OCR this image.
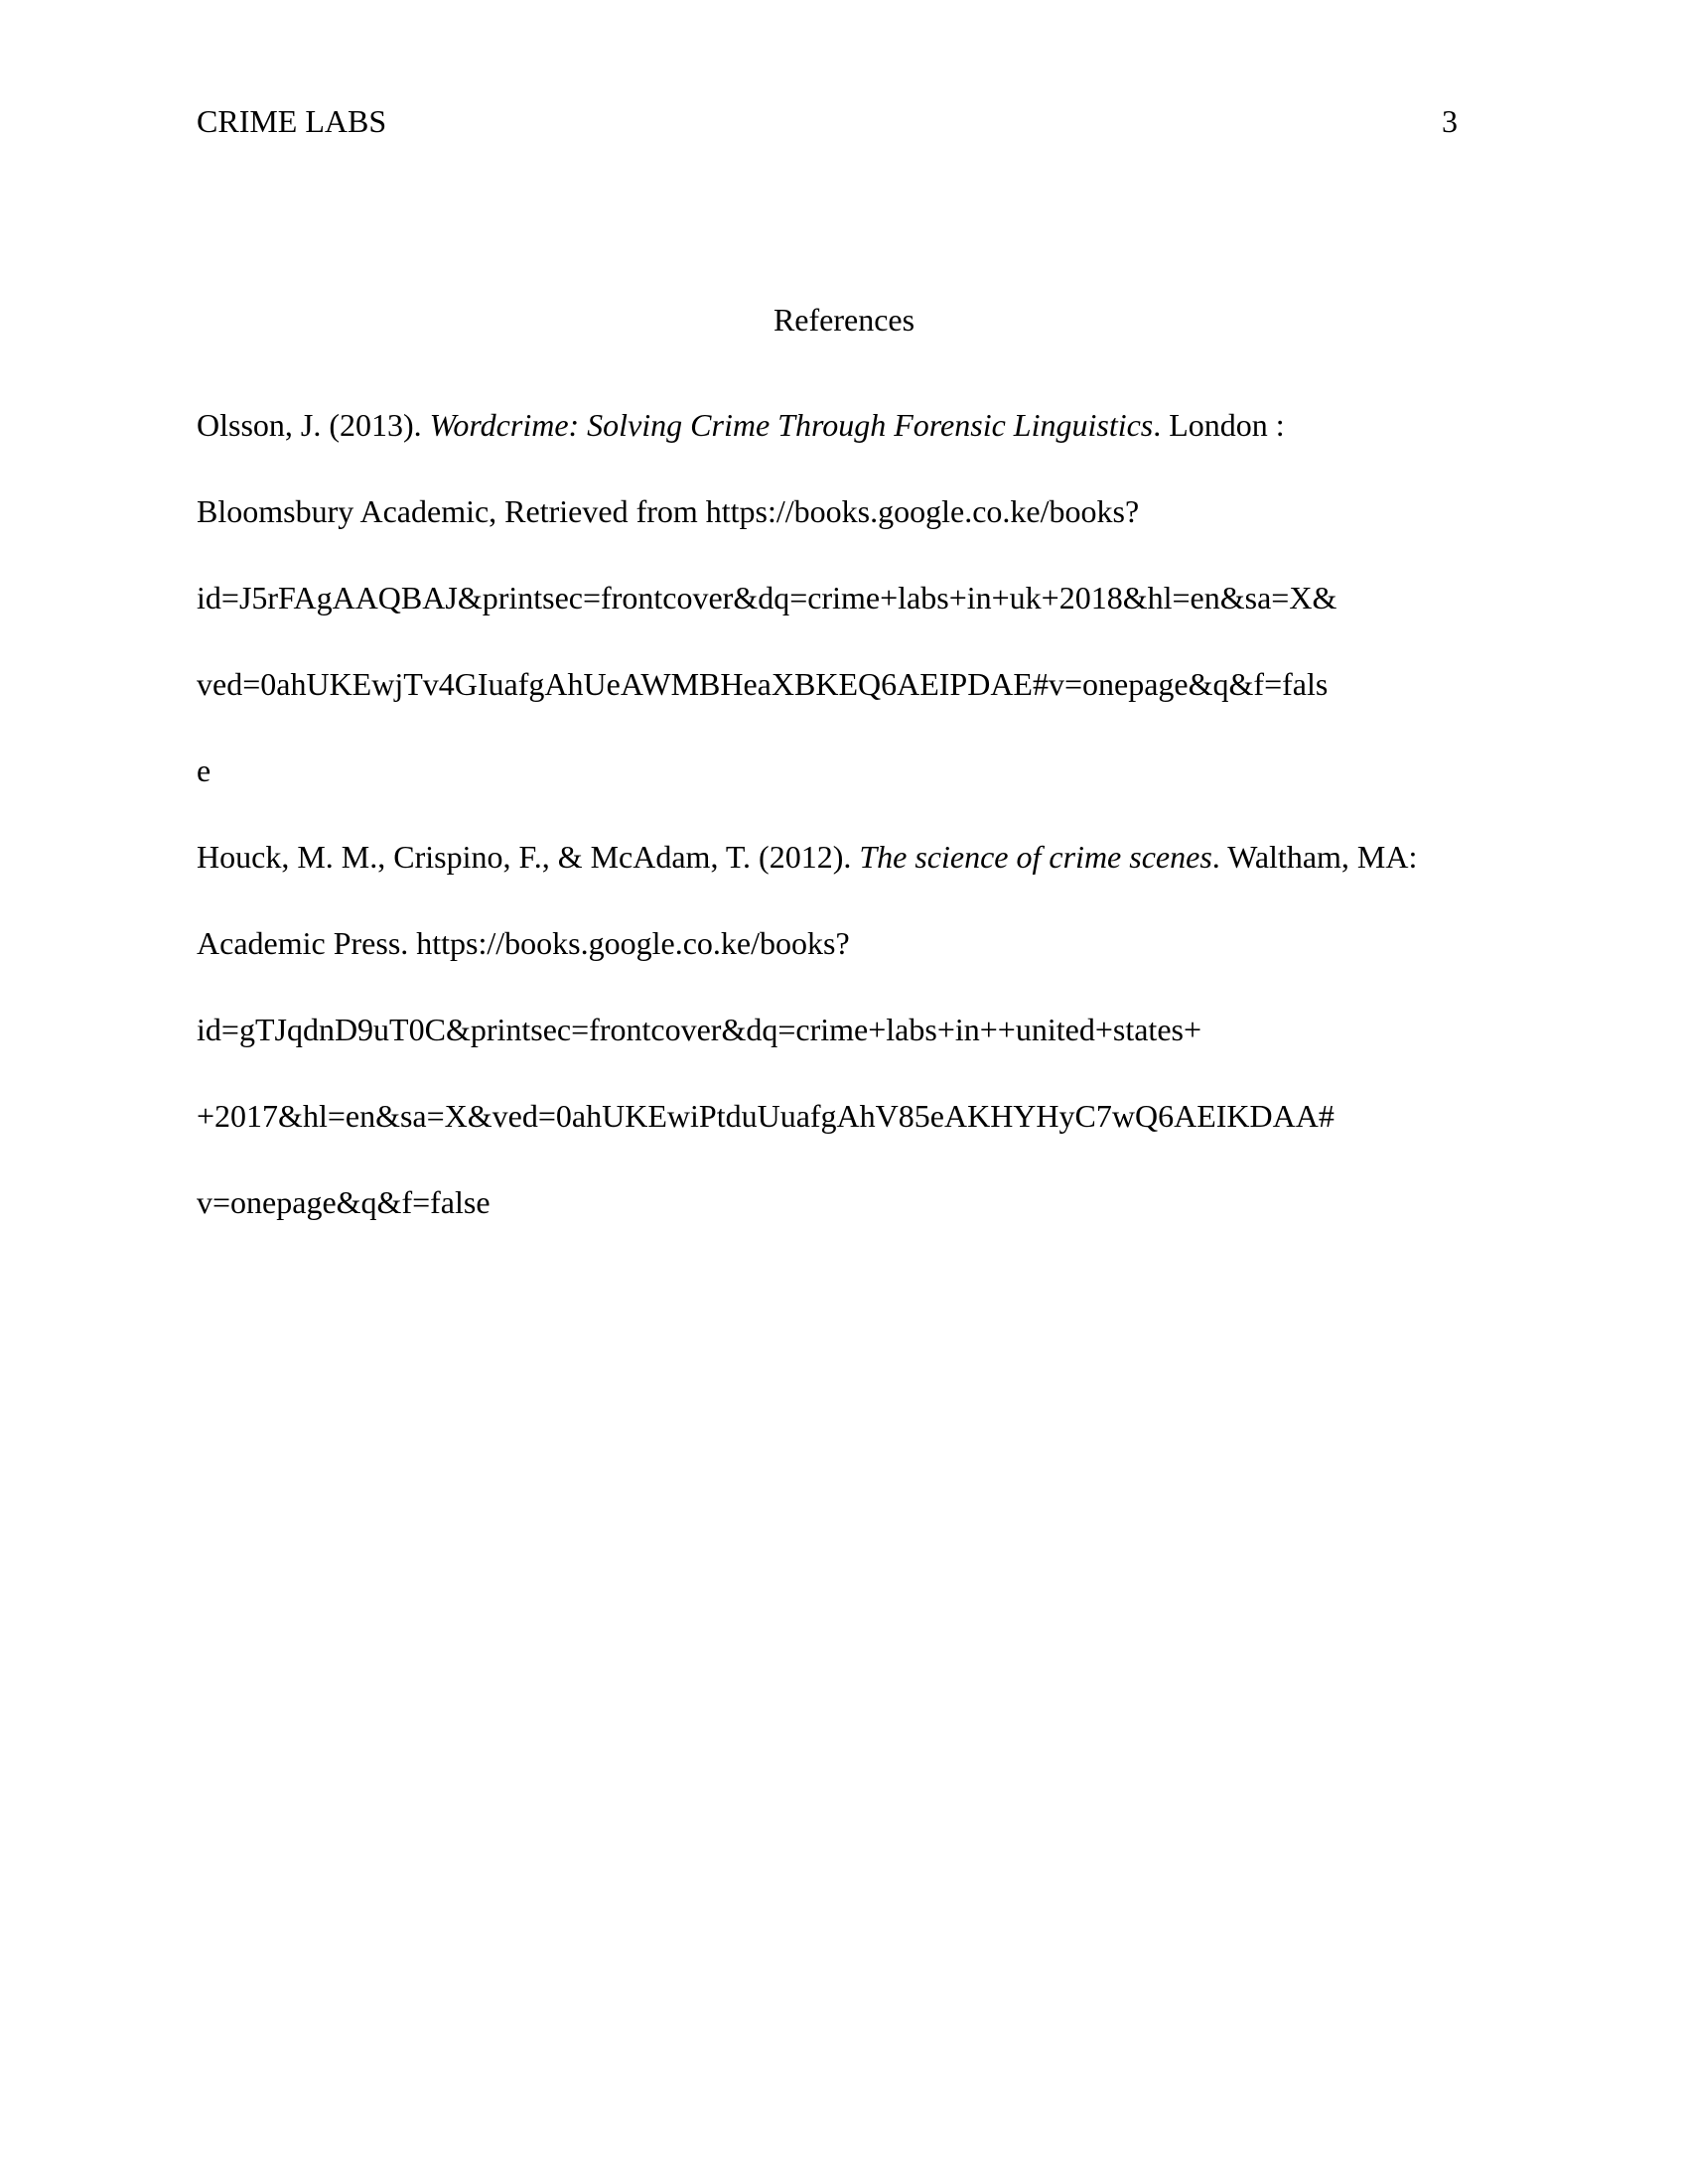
CRIME LABS	3
References
Olsson, J. (2013). Wordcrime: Solving Crime Through Forensic Linguistics. London :
Bloomsbury Academic, Retrieved from https://books.google.co.ke/books?
id=J5rFAgAAQBAJ&printsec=frontcover&dq=crime+labs+in+uk+2018&hl=en&sa=X&
ved=0ahUKEwjTv4GIuafgAhUeAWMBHeaXBKEQ6AEIPDAE#v=onepage&q&f=fals
e
Houck, M. M., Crispino, F., & McAdam, T. (2012). The science of crime scenes. Waltham, MA:
Academic Press. https://books.google.co.ke/books?
id=gTJqdnD9uT0C&printsec=frontcover&dq=crime+labs+in++united+states+
+2017&hl=en&sa=X&ved=0ahUKEwiPtduUuafgAhV85eAKHYHyC7wQ6AEIKDAA#
v=onepage&q&f=false
